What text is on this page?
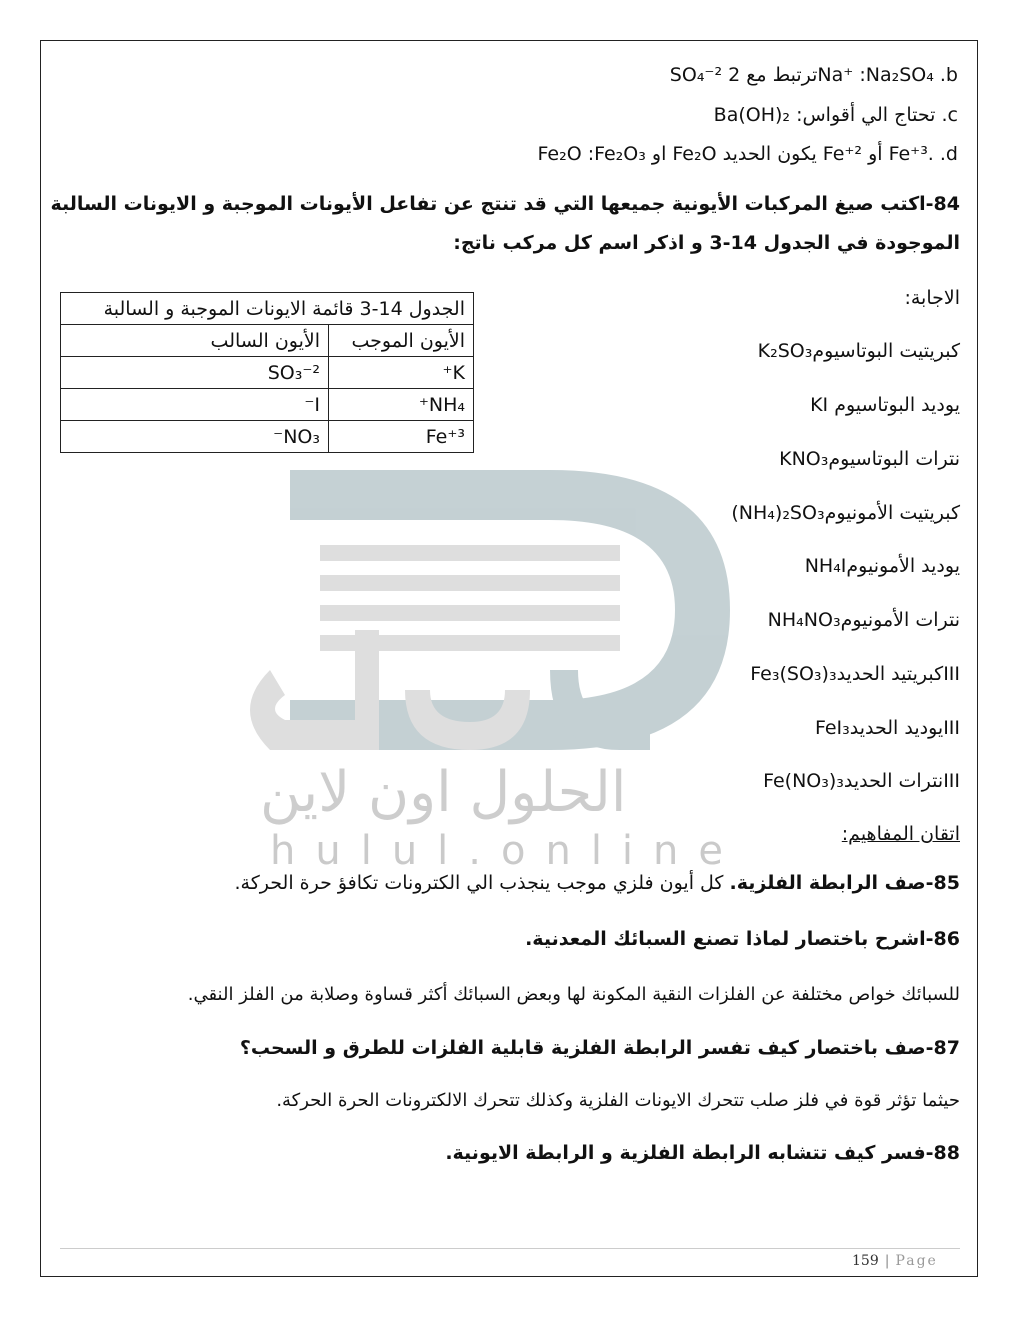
الحلول اون لاين
hulul.online
SO₄⁻² ترتبط مع 2Na⁺ :Na₂SO₄ .b
Ba(OH)₂ :تحتاج الي أقواس .c
Fe₂O :Fe₂O₃ او Fe₂O يكون الحديد Fe⁺² أو Fe⁺³. .d
84-اكتب صيغ المركبات الأيونية جميعها التي قد تنتج عن تفاعل الأيونات الموجبة و الايونات السالبة
الموجودة في الجدول 14-3 و اذكر اسم كل مركب ناتج:
الاجابة:
الجدول 14-3 قائمة الايونات الموجبة و السالبة	
الأيون الموجب	الأيون السالب
K⁺	SO₃⁻²
NH₄⁺	I⁻
Fe⁺³	NO₃⁻
K₂SO₃كبريتيت البوتاسيوم
KI يوديد البوتاسيوم
KNO₃نترات البوتاسيوم
(NH₄)₂SO₃كبريتيت الأمونيوم
NH₄Iيوديد الأمونيوم
NH₄NO₃نترات الأمونيوم
Fe₃(SO₃)₃كبريتيد الحديدIII
FeI₃يوديد الحديدIII
Fe(NO₃)₃نترات الحديدIII
اتقان المفاهيم:
85-صف الرابطة الفلزية. كل أيون فلزي موجب ينجذب الي الكترونات تكافؤ حرة الحركة.
86-اشرح باختصار لماذا تصنع السبائك المعدنية.
للسبائك خواص مختلفة عن الفلزات النقية المكونة لها وبعض السبائك أكثر قساوة وصلابة من الفلز النقي.
87-صف باختصار كيف تفسر الرابطة الفلزية قابلية الفلزات للطرق و السحب؟
حيثما تؤثر قوة في فلز صلب تتحرك الايونات الفلزية وكذلك تتحرك الالكترونات الحرة الحركة.
88-فسر كيف تتشابه الرابطة الفلزية و الرابطة الايونية.
159 | Page
